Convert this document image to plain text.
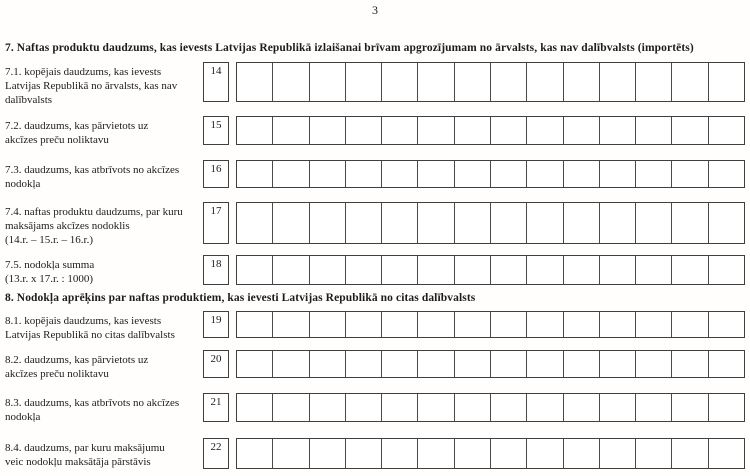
3
7. Naftas produktu daudzums, kas ievests Latvijas Republikā izlaišanai brīvam apgrozījumam no ārvalsts, kas nav dalībvalsts (importēts)
7.1. kopējais daudzums, kas ievests
Latvijas Republikā no ārvalsts, kas nav
dalībvalsts
14
7.2. daudzums, kas pārvietots uz
akcīzes preču noliktavu
15
7.3. daudzums, kas atbrīvots no akcīzes
nodokļa
16
7.4. naftas produktu daudzums, par kuru
maksājams akcīzes nodoklis
(14.r. – 15.r. – 16.r.)
17
7.5. nodokļa summa
(13.r. x 17.r. : 1000)
18
8. Nodokļa aprēķins par naftas produktiem, kas ievesti Latvijas Republikā no citas dalībvalsts
8.1. kopējais daudzums, kas ievests
Latvijas Republikā no citas dalībvalsts
19
8.2. daudzums, kas pārvietots uz
akcīzes preču noliktavu
20
8.3. daudzums, kas atbrīvots no akcīzes
nodokļa
21
8.4. daudzums, par kuru maksājumu
veic nodokļu maksātāja pārstāvis
22
